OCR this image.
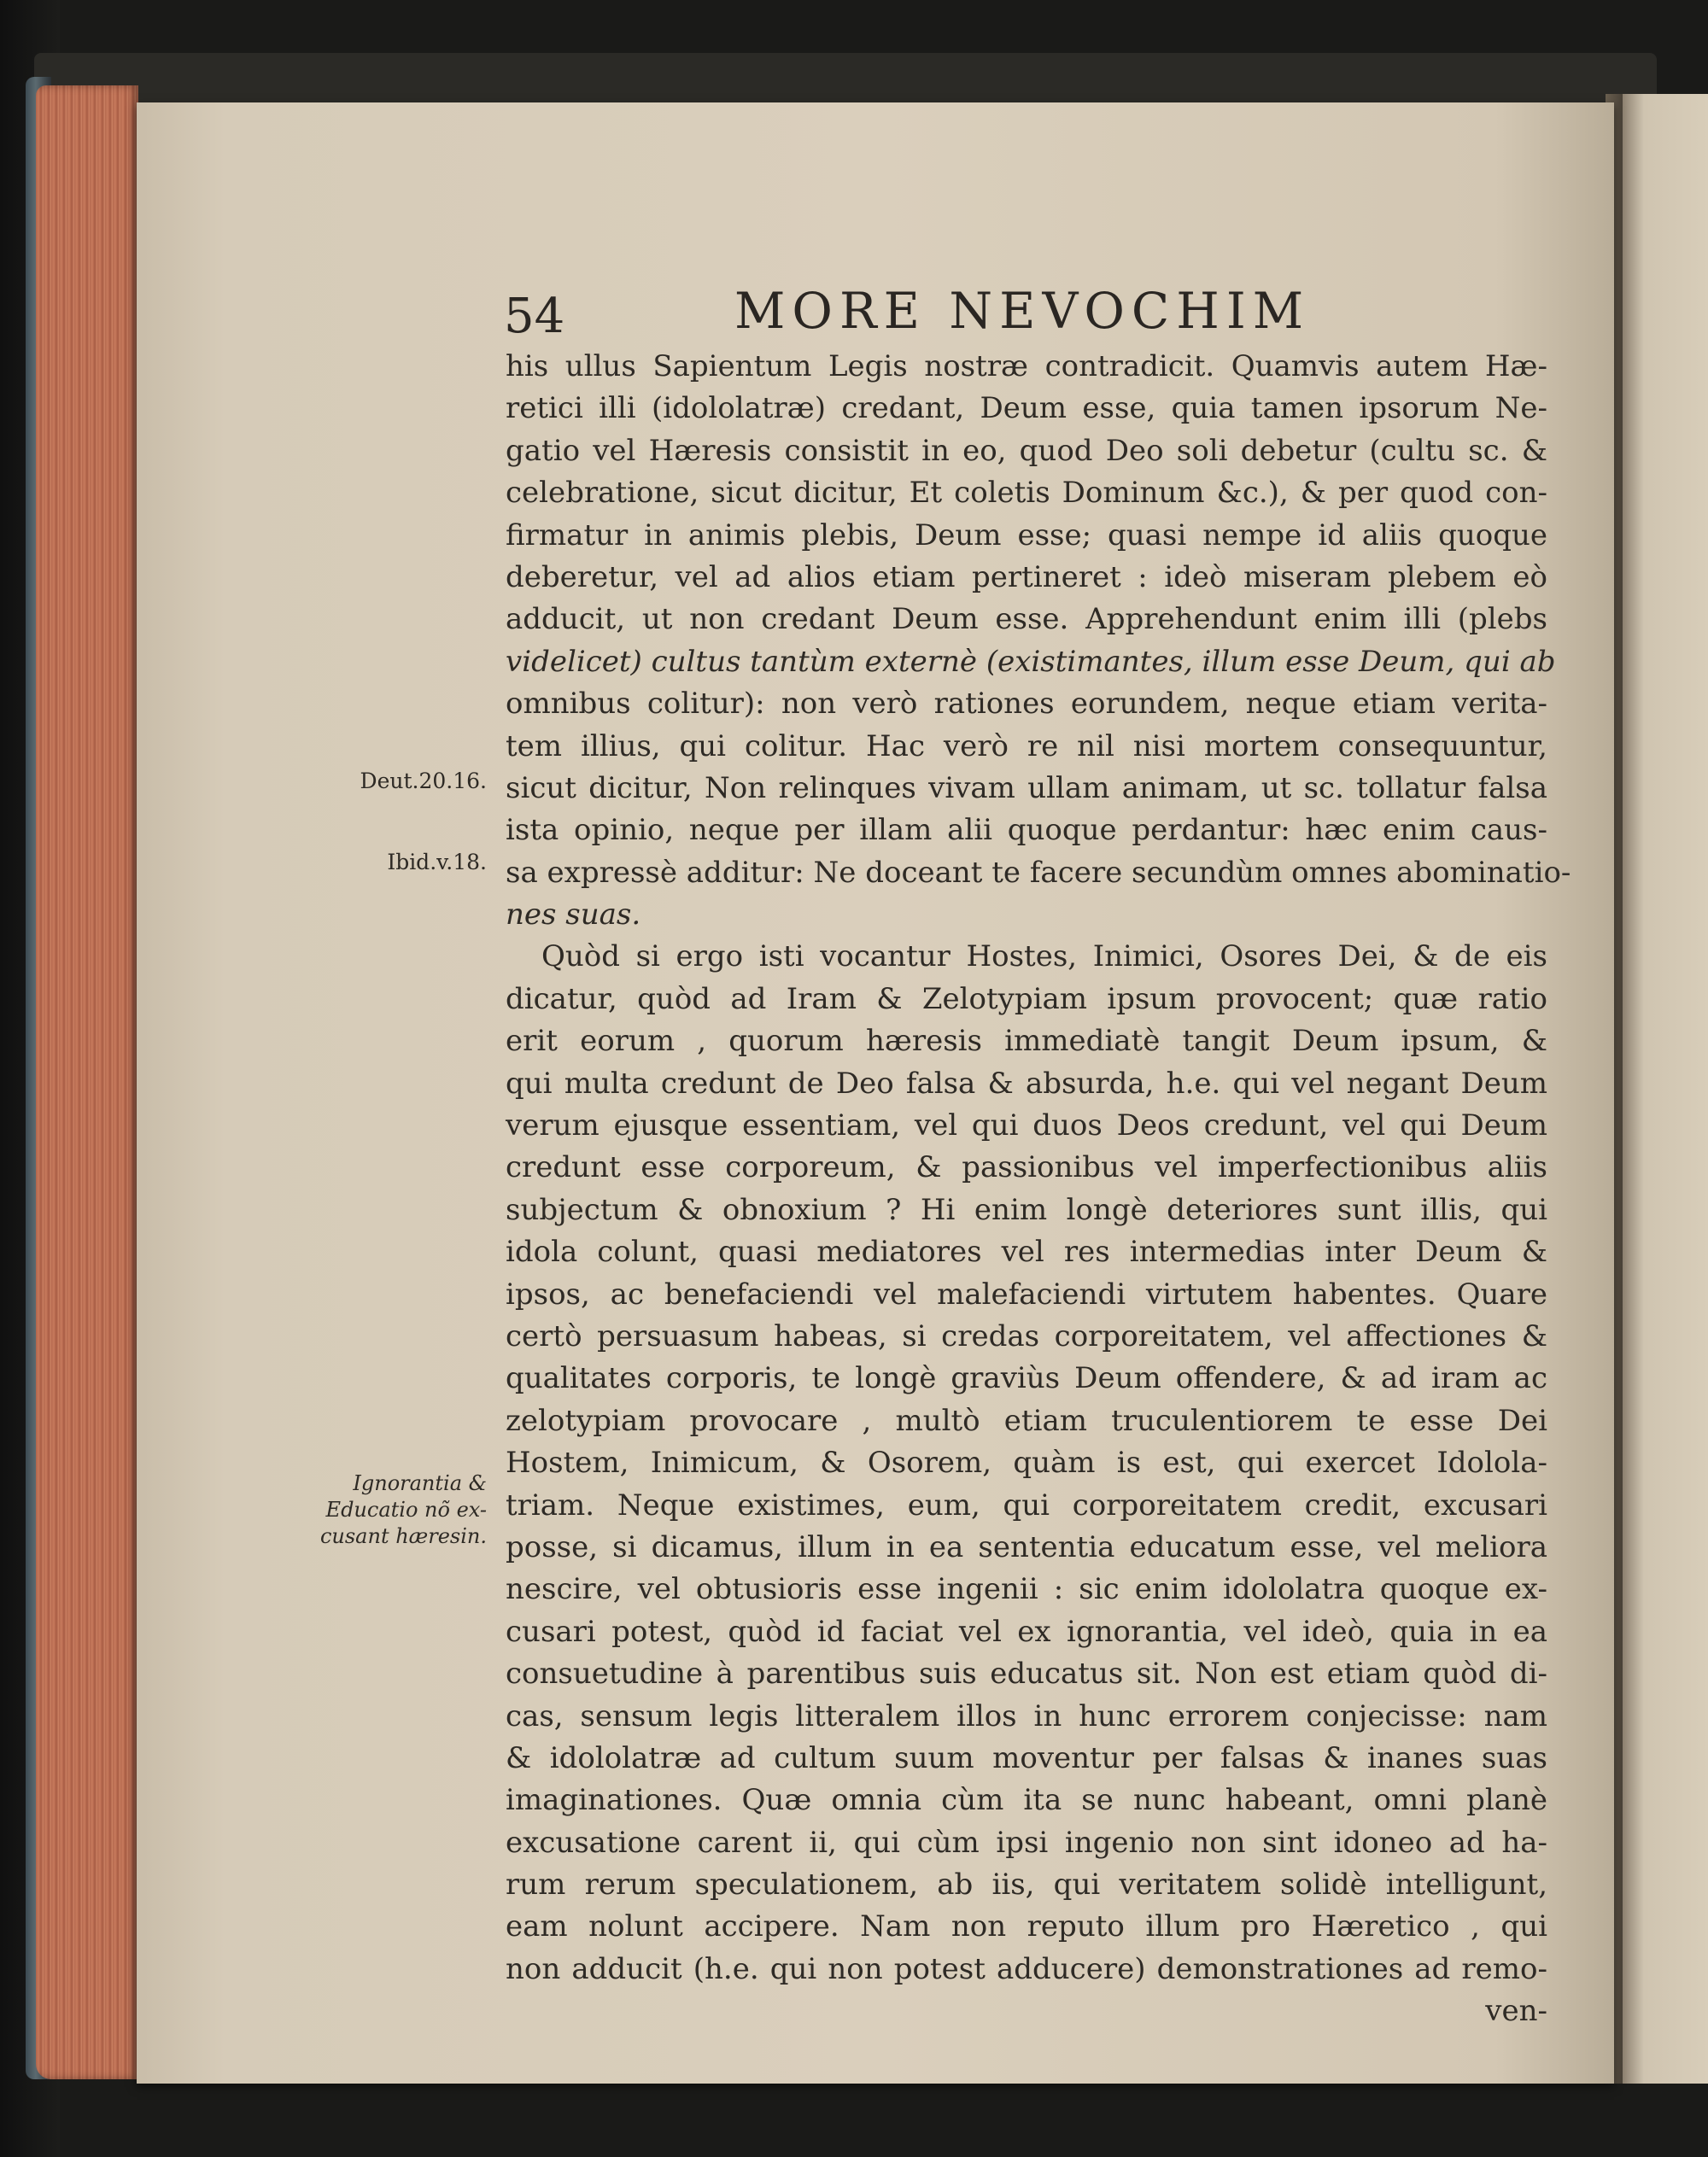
54	MORE NEVOCHIM
Deut.20.16.
Ibid.v.18.
Ignorantia &
Educatio nõ ex-
cusant hæresin.
his ullus Sapientum Legis nostræ contradicit. Quamvis autem Hæ-
retici illi (idololatræ) credant, Deum esse, quia tamen ipsorum Ne-
gatio vel Hæresis consistit in eo, quod Deo soli debetur (cultu sc. &
celebratione, sicut dicitur, Et coletis Dominum &c.), & per quod con-
firmatur in animis plebis, Deum esse; quasi nempe id aliis quoque
deberetur, vel ad alios etiam pertineret : ideò miseram plebem eò
adducit, ut non credant Deum esse. Apprehendunt enim illi (plebs
videlicet) cultus tantùm externè (existimantes, illum esse Deum, qui ab
omnibus colitur): non verò rationes eorundem, neque etiam verita-
tem illius, qui colitur. Hac verò re nil nisi mortem consequuntur,
sicut dicitur, Non relinques vivam ullam animam, ut sc. tollatur falsa
ista opinio, neque per illam alii quoque perdantur: hæc enim caus-
sa expressè additur: Ne doceant te facere secundùm omnes abominatio-
nes suas.
Quòd si ergo isti vocantur Hostes, Inimici, Osores Dei, & de eis
dicatur, quòd ad Iram & Zelotypiam ipsum provocent; quæ ratio
erit eorum , quorum hæresis immediatè tangit Deum ipsum, &
qui multa credunt de Deo falsa & absurda, h.e. qui vel negant Deum
verum ejusque essentiam, vel qui duos Deos credunt, vel qui Deum
credunt esse corporeum, & passionibus vel imperfectionibus aliis
subjectum & obnoxium ? Hi enim longè deteriores sunt illis, qui
idola colunt, quasi mediatores vel res intermedias inter Deum &
ipsos, ac benefaciendi vel malefaciendi virtutem habentes. Quare
certò persuasum habeas, si credas corporeitatem, vel affectiones &
qualitates corporis, te longè graviùs Deum offendere, & ad iram ac
zelotypiam provocare , multò etiam truculentiorem te esse Dei
Hostem, Inimicum, & Osorem, quàm is est, qui exercet Idolola-
triam. Neque existimes, eum, qui corporeitatem credit, excusari
posse, si dicamus, illum in ea sententia educatum esse, vel meliora
nescire, vel obtusioris esse ingenii : sic enim idololatra quoque ex-
cusari potest, quòd id faciat vel ex ignorantia, vel ideò, quia in ea
consuetudine à parentibus suis educatus sit. Non est etiam quòd di-
cas, sensum legis litteralem illos in hunc errorem conjecisse: nam
& idololatræ ad cultum suum moventur per falsas & inanes suas
imaginationes. Quæ omnia cùm ita se nunc habeant, omni planè
excusatione carent ii, qui cùm ipsi ingenio non sint idoneo ad ha-
rum rerum speculationem, ab iis, qui veritatem solidè intelligunt,
eam nolunt accipere. Nam non reputo illum pro Hæretico , qui
non adducit (h.e. qui non potest adducere) demonstrationes ad remo-
ven-
